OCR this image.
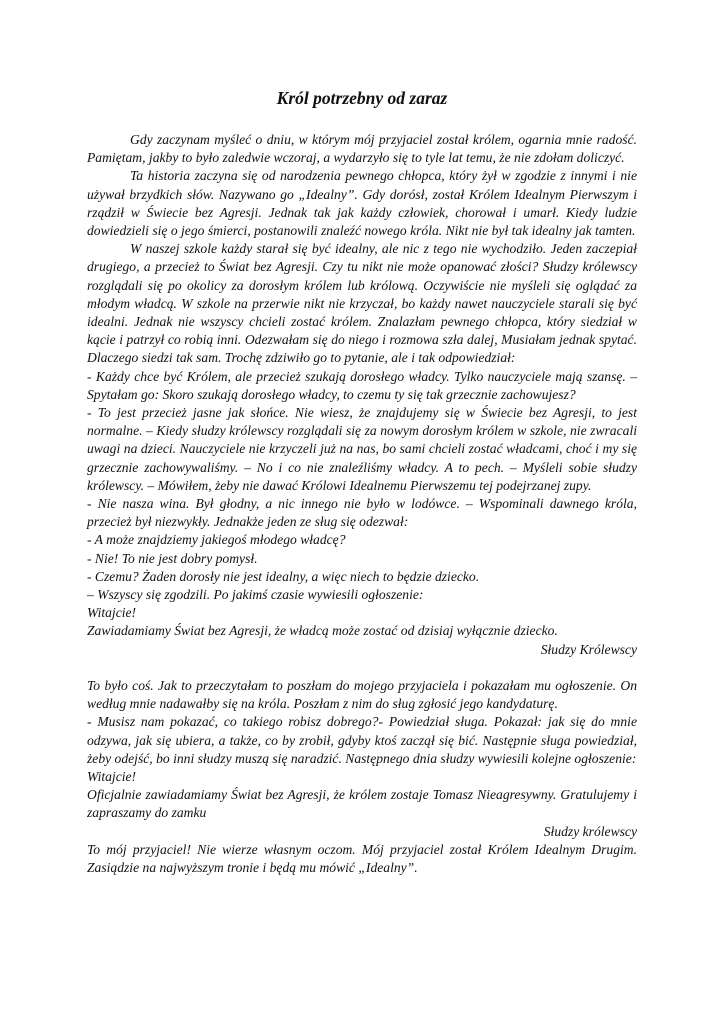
Król potrzebny od zaraz

Gdy zaczynam myśleć o dniu, w którym mój przyjaciel został królem, ogarnia mnie radość. Pamiętam, jakby to było zaledwie wczoraj, a wydarzyło się to tyle lat temu, że nie zdołam doliczyć.

Ta historia zaczyna się od narodzenia pewnego chłopca, który żył w zgodzie z innymi i nie używał brzydkich słów. Nazywano go „Idealny”. Gdy dorósł, został Królem Idealnym Pierwszym i rządził w Świecie bez Agresji. Jednak tak jak każdy człowiek, chorował i umarł. Kiedy ludzie dowiedzieli się o jego śmierci, postanowili znaleźć nowego króla. Nikt nie był tak idealny jak tamten.

W naszej szkole każdy starał się być idealny, ale nic z tego nie wychodziło. Jeden zaczepiał drugiego, a przecież to Świat bez Agresji. Czy tu nikt nie może opanować złości? Słudzy królewscy rozglądali się po okolicy za dorosłym królem lub królową. Oczywiście nie myśleli się oglądać za młodym władcą. W szkole na przerwie nikt nie krzyczał, bo każdy nawet nauczyciele starali się być idealni. Jednak nie wszyscy chcieli zostać królem. Znalazłam pewnego chłopca, który siedział w kącie i patrzył co robią inni. Odezwałam się do niego i rozmowa szła dalej, Musiałam jednak spytać. Dlaczego siedzi tak sam. Trochę zdziwiło go to pytanie, ale i tak odpowiedział:

- Każdy chce być Królem, ale przecież szukają dorosłego władcy. Tylko nauczyciele mają szansę. – Spytałam go: Skoro szukają dorosłego władcy, to czemu ty się tak grzecznie zachowujesz?

- To jest przecież jasne jak słońce. Nie wiesz, że znajdujemy się w Świecie bez Agresji, to jest normalne. – Kiedy słudzy królewscy rozglądali się za nowym dorosłym królem w szkole, nie zwracali uwagi na dzieci. Nauczyciele nie krzyczeli już na nas, bo sami chcieli zostać władcami, choć i my się grzecznie zachowywaliśmy. – No i co nie znaleźliśmy władcy. A to pech. – Myśleli sobie słudzy królewscy. – Mówiłem, żeby nie dawać Królowi Idealnemu Pierwszemu tej podejrzanej zupy.

- Nie nasza wina. Był głodny, a nic innego nie było w lodówce. – Wspominali dawnego króla, przecież był niezwykły. Jednakże jeden ze sług się odezwał:

- A może znajdziemy jakiegoś młodego władcę?

- Nie! To nie jest dobry pomysł.

- Czemu? Żaden dorosły nie jest idealny, a więc niech to będzie dziecko.

– Wszyscy się zgodzili. Po jakimś czasie wywiesili ogłoszenie:

Witajcie!

Zawiadamiamy Świat bez Agresji, że władcą może zostać od dzisiaj wyłącznie dziecko.

Słudzy Królewscy

To było coś. Jak to przeczytałam to poszłam do mojego przyjaciela i pokazałam mu ogłoszenie. On według mnie nadawałby się na króla. Poszłam z nim do sług zgłosić jego kandydaturę.

- Musisz nam pokazać, co takiego robisz dobrego?- Powiedział sługa. Pokazał: jak się do mnie odzywa, jak się ubiera, a także, co by zrobił, gdyby ktoś zaczął się bić. Następnie sługa powiedział, żeby odejść, bo inni słudzy muszą się naradzić. Następnego dnia słudzy wywiesili kolejne ogłoszenie:

Witajcie!

Oficjalnie zawiadamiamy Świat bez Agresji, że królem zostaje Tomasz Nieagresywny. Gratulujemy i zapraszamy do zamku

Słudzy królewscy

To mój przyjaciel! Nie wierze własnym oczom. Mój przyjaciel został Królem Idealnym Drugim. Zasiądzie na najwyższym tronie i będą mu mówić „Idealny”.
